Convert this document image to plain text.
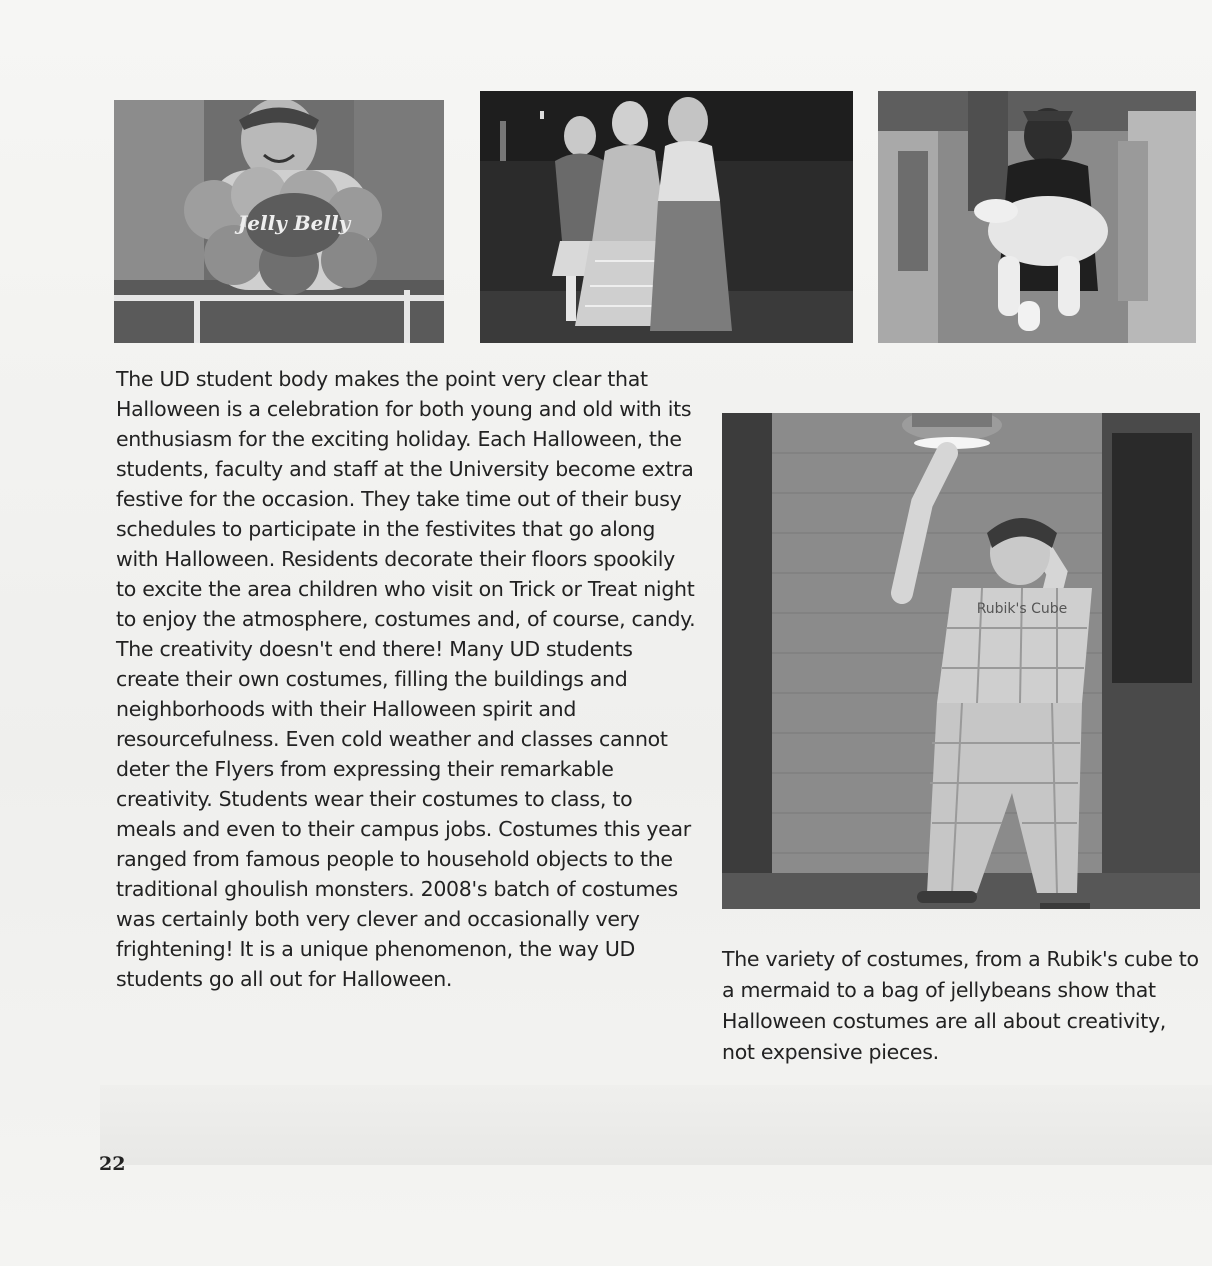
Jelly Belly
Rubik's Cube
The UD student body makes the point very clear that Halloween is a celebration for both young and old with its enthusiasm for the exciting holiday. Each Halloween, the students, faculty and staff at the University become extra festive for the occasion. They take time out of their busy schedules to participate in the festivites that go along with Halloween. Residents decorate their floors spookily to excite the area children who visit on Trick or Treat night to enjoy the atmosphere, costumes and, of course, candy. The creativity doesn't end there! Many UD students create their own costumes, filling the buildings and neighborhoods with their Halloween spirit and resourcefulness. Even cold weather and classes cannot deter the Flyers from expressing their remarkable creativity. Students wear their costumes to class, to meals and even to their campus jobs. Costumes this year ranged from famous people to household objects to the traditional ghoulish monsters. 2008's batch of costumes was certainly both very clever and occasionally very frightening! It is a unique phenomenon, the way UD students go all out for Halloween.
The variety of costumes, from a Rubik's cube to a mermaid to a bag of jellybeans show that Halloween costumes are all about creativity, not expensive pieces.
22
